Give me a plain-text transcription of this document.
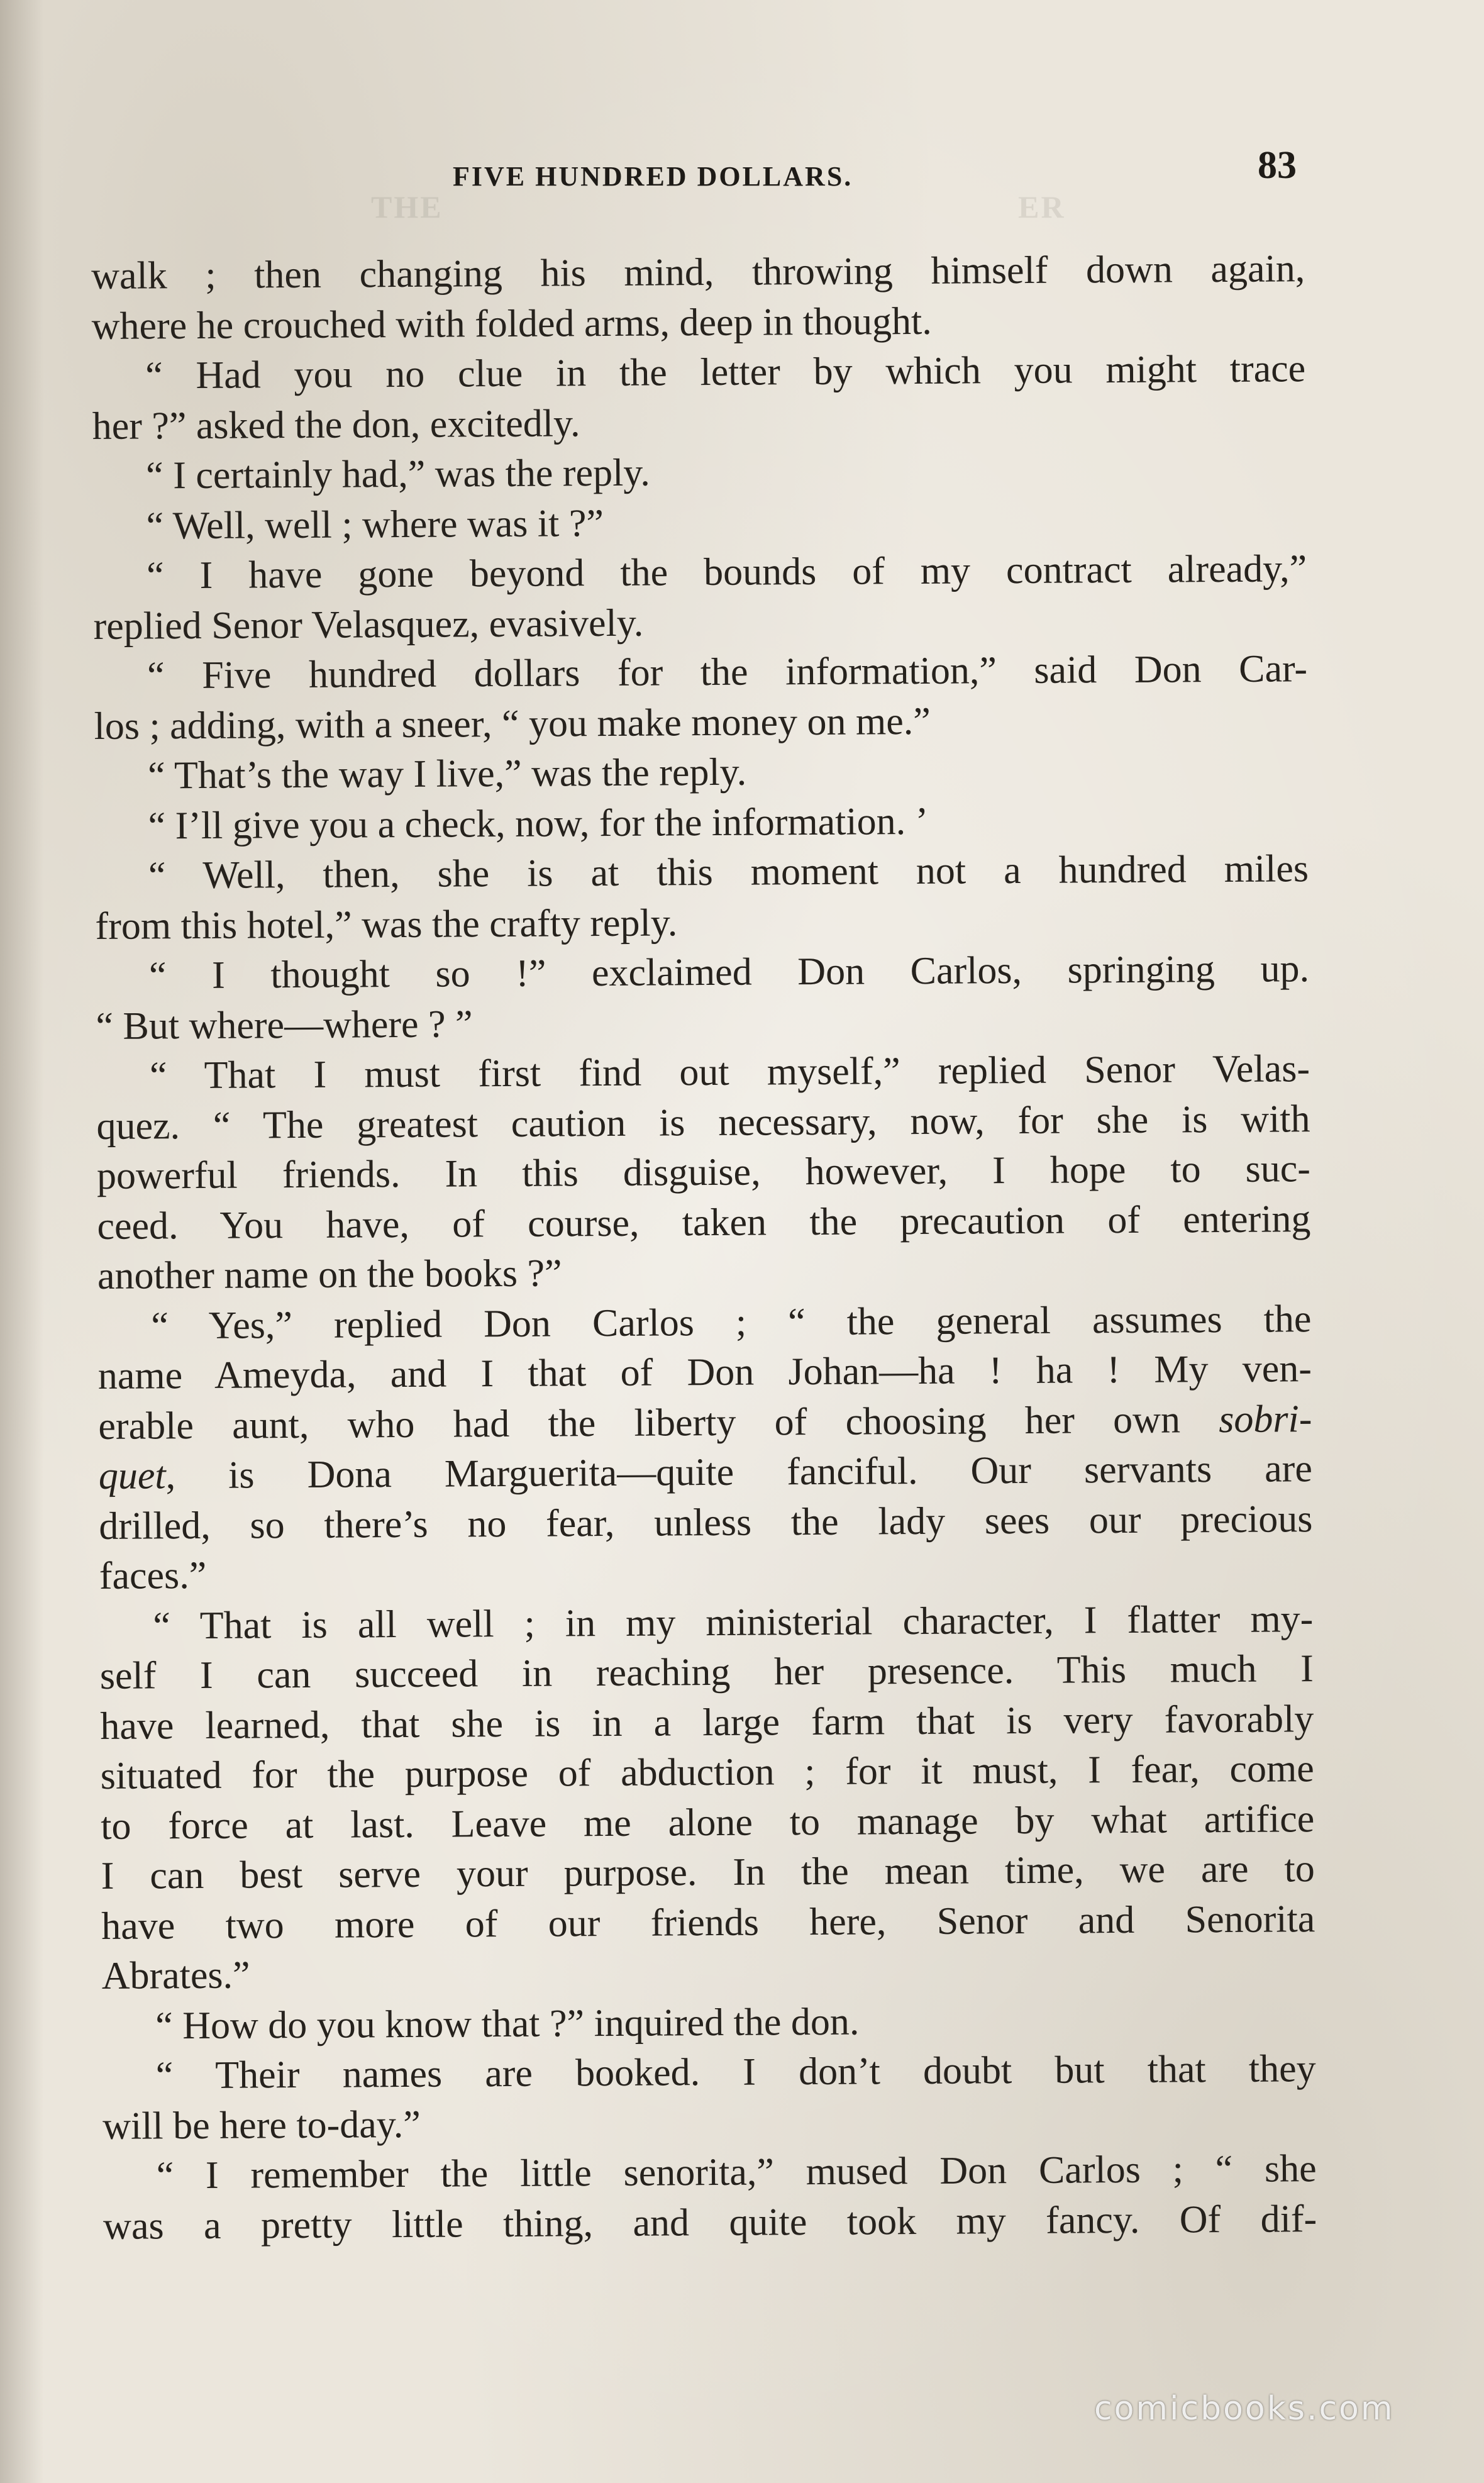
THE                                                           ER
FIVE HUNDRED DOLLARS.	83
walk ; then changing his mind, throwing himself down again,
where he crouched with folded arms, deep in thought.
“ Had you no clue in the letter by which you might trace
her ?” asked the don, excitedly.
“ I certainly had,” was the reply.
“ Well, well ; where was it ?”
“ I have gone beyond the bounds of my contract already,”
replied Senor Velasquez, evasively.
“ Five hundred dollars for the information,” said Don Car-
los ; adding, with a sneer, “ you make money on me.”
“ That’s the way I live,” was the reply.
“ I’ll give you a check, now, for the information. ’
“ Well, then, she is at this moment not a hundred miles
from this hotel,” was the crafty reply.
“ I thought so !” exclaimed Don Carlos, springing up.
“ But where—where ? ”
“ That I must first find out myself,” replied Senor Velas-
quez. “ The greatest caution is necessary, now, for she is with
powerful friends. In this disguise, however, I hope to suc-
ceed. You have, of course, taken the precaution of entering
another name on the books ?”
“ Yes,” replied Don Carlos ; “ the general assumes the
name Ameyda, and I that of Don Johan—ha ! ha ! My ven-
erable aunt, who had the liberty of choosing her own sobri-
quet, is Dona Marguerita—quite fanciful. Our servants are
drilled, so there’s no fear, unless the lady sees our precious
faces.”
“ That is all well ; in my ministerial character, I flatter my-
self I can succeed in reaching her presence. This much I
have learned, that she is in a large farm that is very favorably
situated for the purpose of abduction ; for it must, I fear, come
to force at last. Leave me alone to manage by what artifice
I can best serve your purpose. In the mean time, we are to
have two more of our friends here, Senor and Senorita
Abrates.”
“ How do you know that ?” inquired the don.
“ Their names are booked. I don’t doubt but that they
will be here to-day.”
“ I remember the little senorita,” mused Don Carlos ; “ she
was a pretty little thing, and quite took my fancy. Of dif-
comicbooks.com
